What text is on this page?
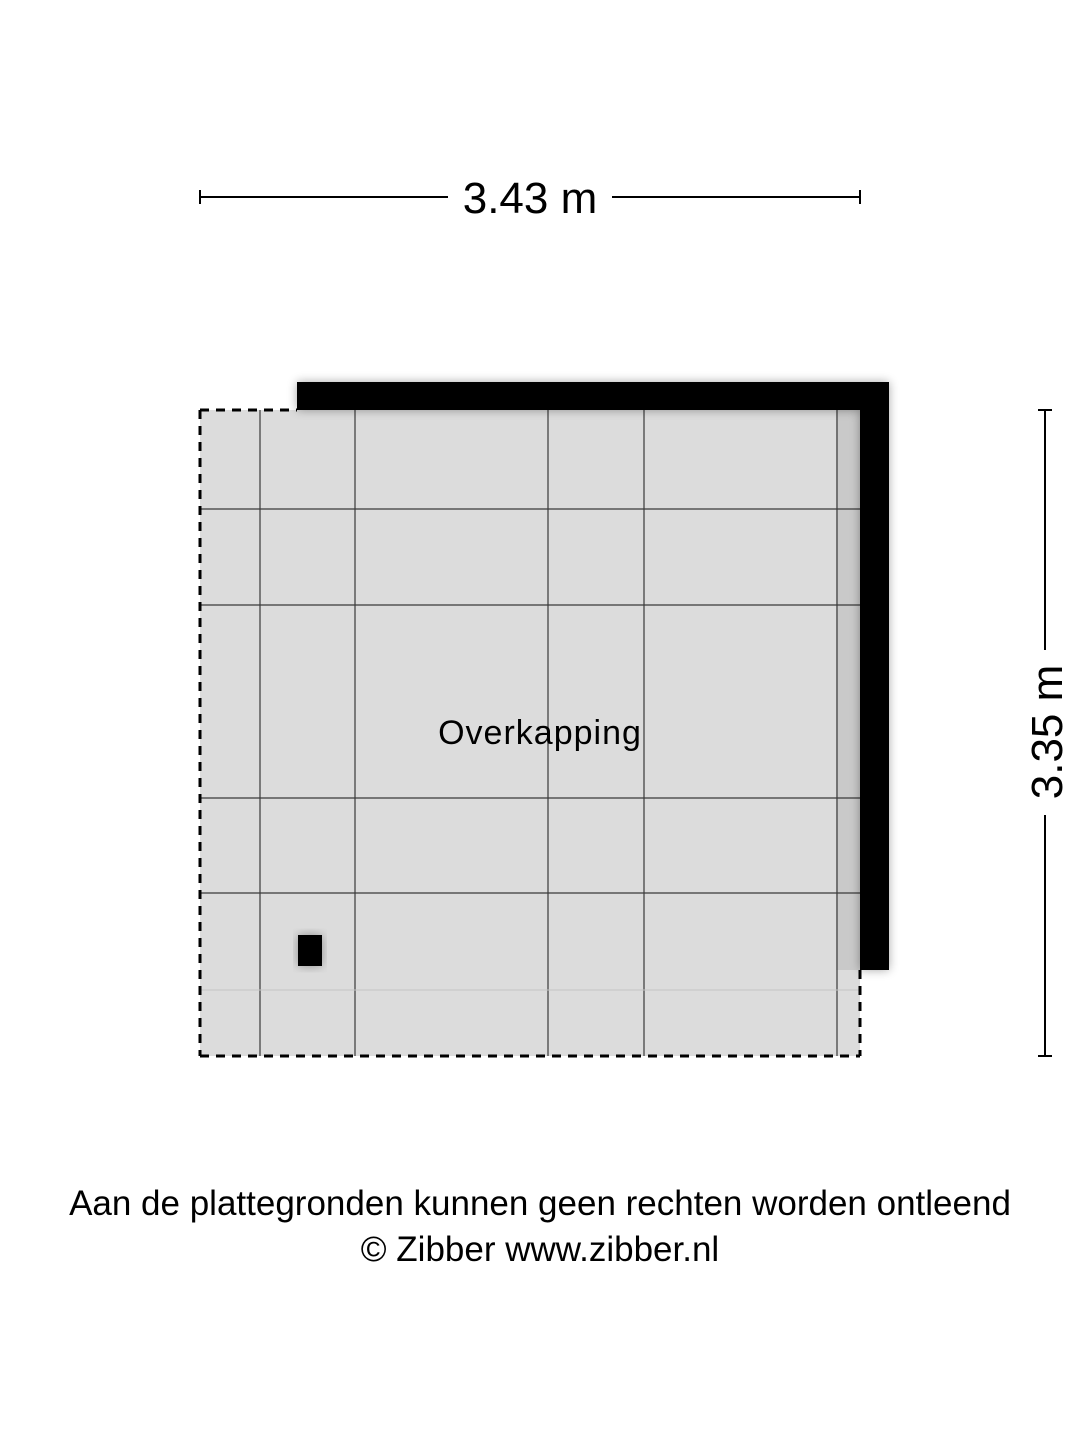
3.43 m
3.35 m
Overkapping
Aan de plattegronden kunnen geen rechten worden ontleend
© Zibber www.zibber.nl
